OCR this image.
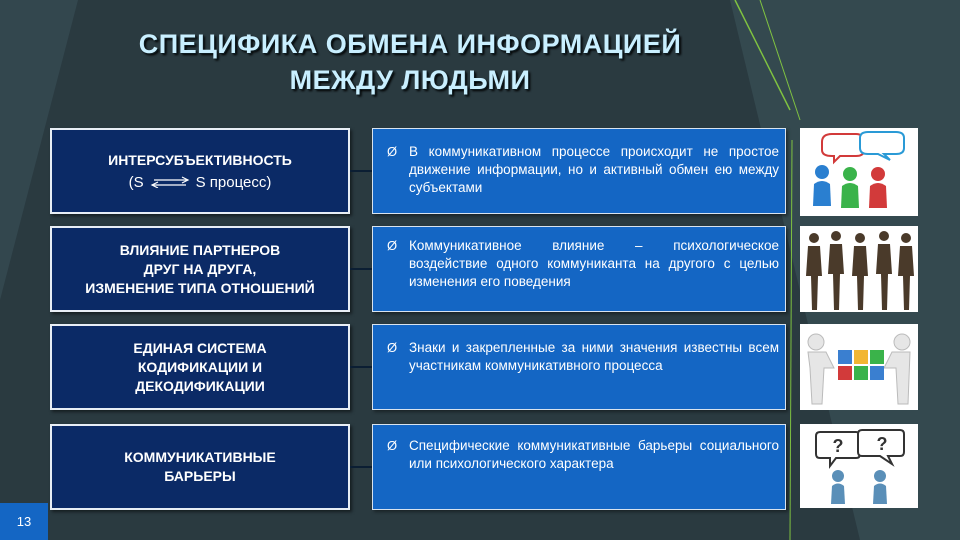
СПЕЦИФИКА ОБМЕНА ИНФОРМАЦИЕЙ
МЕЖДУ ЛЮДЬМИ
ИНТЕРСУБЪЕКТИВНОСТЬ
(S	S процесс)
Ø В коммуникативном процессе происходит не простое движение информации, но и активный обмен ею между субъектами
ВЛИЯНИЕ ПАРТНЕРОВ
ДРУГ НА ДРУГА,
ИЗМЕНЕНИЕ ТИПА ОТНОШЕНИЙ
Ø Коммуникативное влияние – психологическое воздействие одного коммуниканта на другого с целью изменения его поведения
ЕДИНАЯ СИСТЕМА
КОДИФИКАЦИИ И
ДЕКОДИФИКАЦИИ
Ø Знаки и закрепленные за ними значения известны всем участникам коммуникативного процесса
КОММУНИКАТИВНЫЕ
БАРЬЕРЫ
Ø Специфические коммуникативные барьеры социального или психологического характера
? ?
13
